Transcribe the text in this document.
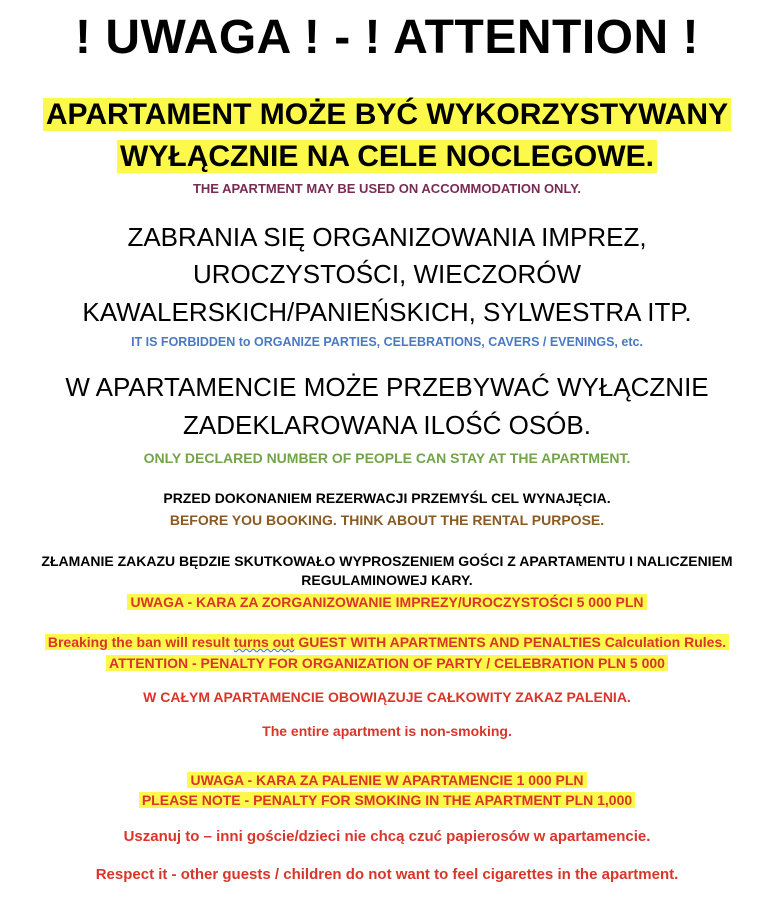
! UWAGA ! - ! ATTENTION !
APARTAMENT MOŻE BYĆ WYKORZYSTYWANY
WYŁĄCZNIE NA CELE NOCLEGOWE.
THE APARTMENT MAY BE USED ON ACCOMMODATION ONLY.
ZABRANIA SIĘ ORGANIZOWANIA IMPREZ,
UROCZYSTOŚCI, WIECZORÓW
KAWALERSKICH/PANIEŃSKICH, SYLWESTRA ITP.
IT IS FORBIDDEN to ORGANIZE PARTIES, CELEBRATIONS, CAVERS / EVENINGS, etc.
W APARTAMENCIE MOŻE PRZEBYWAĆ WYŁĄCZNIE
ZADEKLAROWANA ILOŚĆ OSÓB.
ONLY DECLARED NUMBER OF PEOPLE CAN STAY AT THE APARTMENT.
PRZED DOKONANIEM REZERWACJI PRZEMYŚL CEL WYNAJĘCIA.
BEFORE YOU BOOKING. THINK ABOUT THE RENTAL PURPOSE.
ZŁAMANIE ZAKAZU BĘDZIE SKUTKOWAŁO WYPROSZENIEM GOŚCI Z APARTAMENTU I NALICZENIEM
REGULAMINOWEJ KARY.
UWAGA - KARA ZA ZORGANIZOWANIE IMPREZY/UROCZYSTOŚCI 5 000 PLN
Breaking the ban will result turns out GUEST WITH APARTMENTS AND PENALTIES Calculation Rules.
ATTENTION - PENALTY FOR ORGANIZATION OF PARTY / CELEBRATION PLN 5 000
W CAŁYM APARTAMENCIE OBOWIĄZUJE CAŁKOWITY ZAKAZ PALENIA.
The entire apartment is non-smoking.
UWAGA - KARA ZA PALENIE W APARTAMENCIE 1 000 PLN
PLEASE NOTE - PENALTY FOR SMOKING IN THE APARTMENT PLN 1,000
Uszanuj to – inni goście/dzieci nie chcą czuć papierosów w apartamencie.
Respect it - other guests / children do not want to feel cigarettes in the apartment.
